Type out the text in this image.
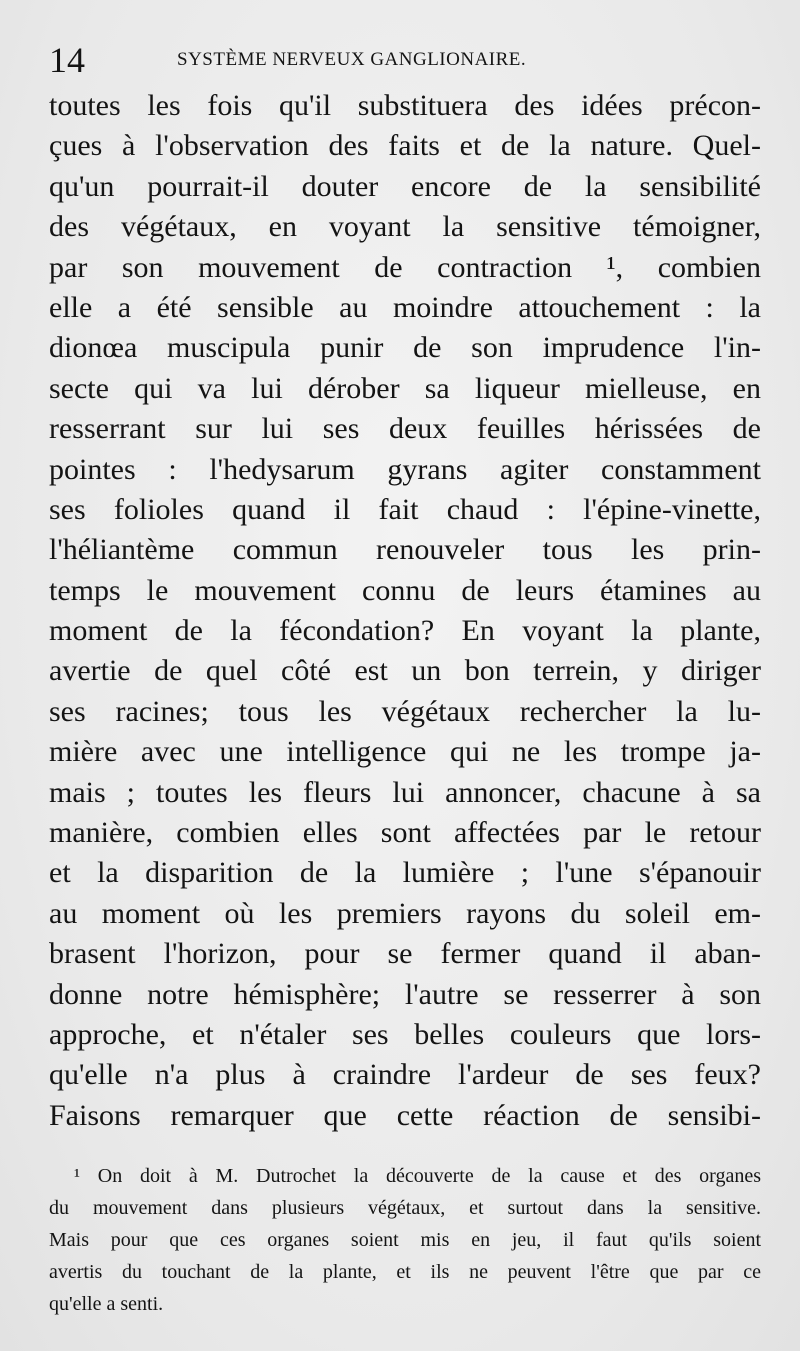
14	SYSTÈME NERVEUX GANGLIONAIRE.
toutes les fois qu'il substituera des idées précon-
çues à l'observation des faits et de la nature. Quel-
qu'un pourrait-il douter encore de la sensibilité
des végétaux, en voyant la sensitive témoigner,
par son mouvement de contraction ¹, combien
elle a été sensible au moindre attouchement : la
dionœa muscipula punir de son imprudence l'in-
secte qui va lui dérober sa liqueur mielleuse, en
resserrant sur lui ses deux feuilles hérissées de
pointes : l'hedysarum gyrans agiter constamment
ses folioles quand il fait chaud : l'épine-vinette,
l'héliantème commun renouveler tous les prin-
temps le mouvement connu de leurs étamines au
moment de la fécondation? En voyant la plante,
avertie de quel côté est un bon terrein, y diriger
ses racines; tous les végétaux rechercher la lu-
mière avec une intelligence qui ne les trompe ja-
mais ; toutes les fleurs lui annoncer, chacune à sa
manière, combien elles sont affectées par le retour
et la disparition de la lumière ; l'une s'épanouir
au moment où les premiers rayons du soleil em-
brasent l'horizon, pour se fermer quand il aban-
donne notre hémisphère; l'autre se resserrer à son
approche, et n'étaler ses belles couleurs que lors-
qu'elle n'a plus à craindre l'ardeur de ses feux?
Faisons remarquer que cette réaction de sensibi-
¹ On doit à M. Dutrochet la découverte de la cause et des organes
du mouvement dans plusieurs végétaux, et surtout dans la sensitive.
Mais pour que ces organes soient mis en jeu, il faut qu'ils soient
avertis du touchant de la plante, et ils ne peuvent l'être que par ce
qu'elle a senti.
